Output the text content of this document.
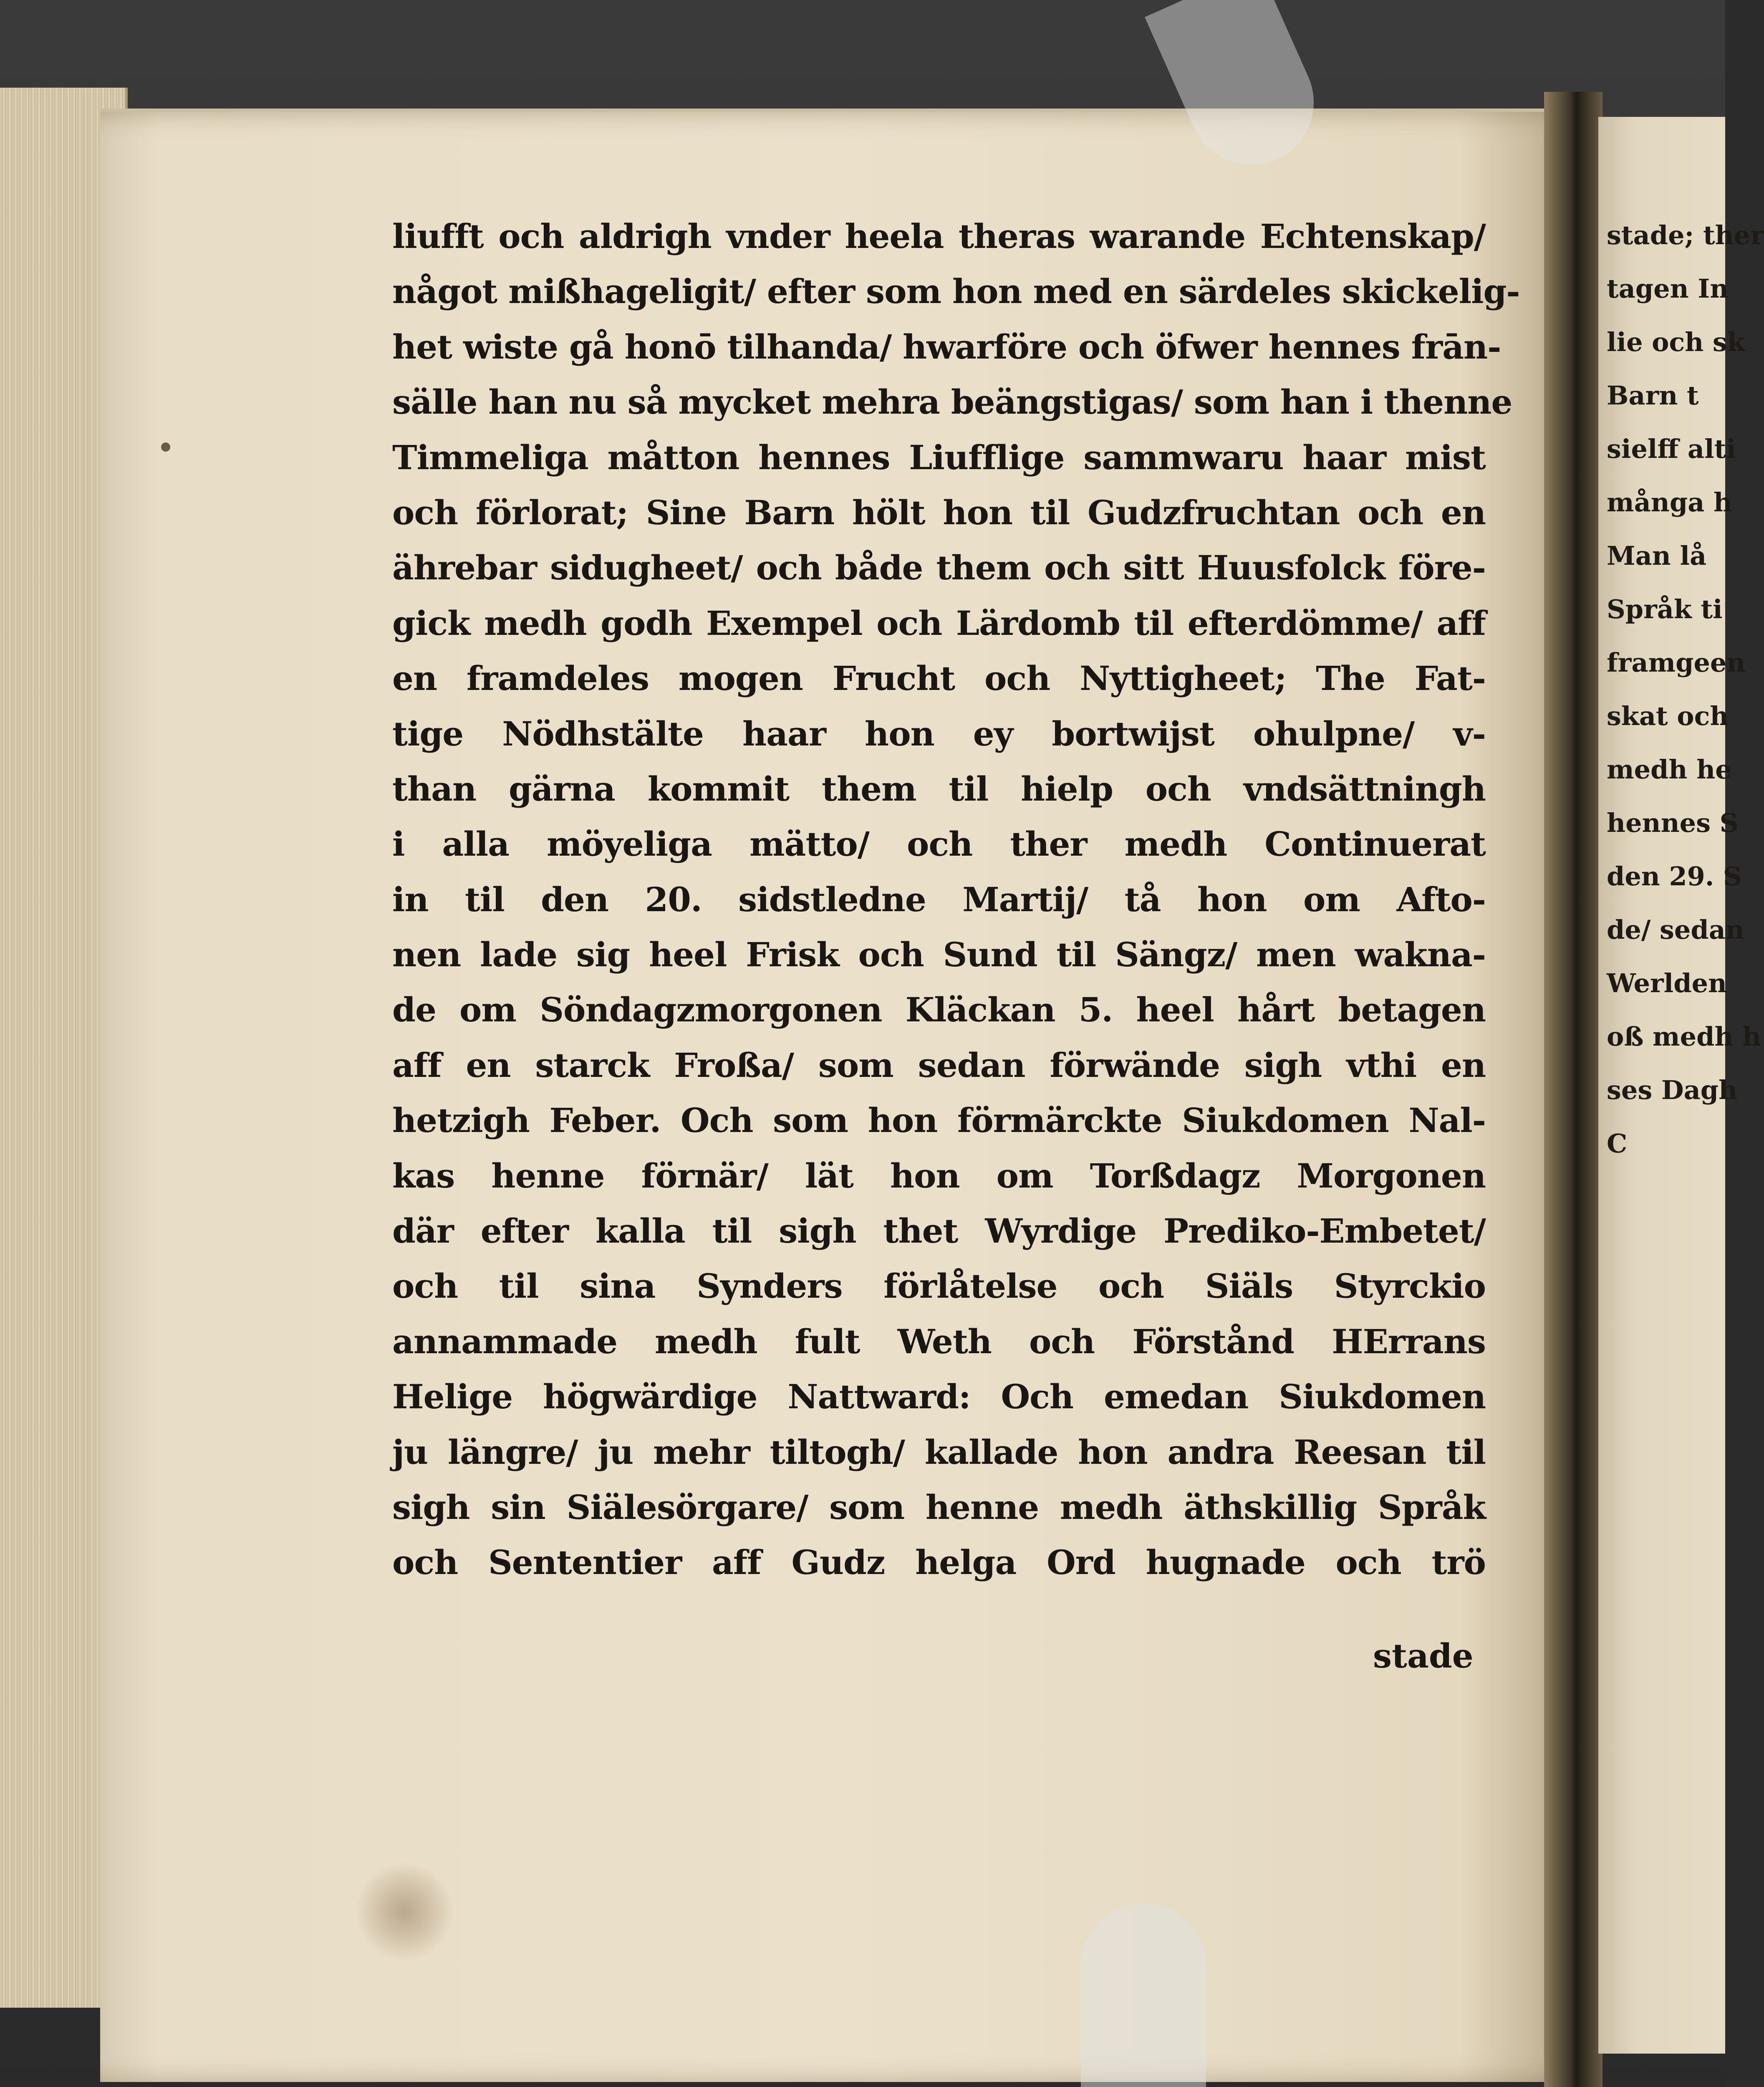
liufft och aldrigh vnder heela theras warande Echtenskap/
något mißhageligit/ efter som hon med en särdeles skickelig-
het wiste gå honō tilhanda/ hwarföre och öfwer hennes frān-
sälle han nu så mycket mehra beängstigas/ som han i thenne
Timmeliga måtton hennes Liufflige sammwaru haar mist
och förlorat; Sine Barn hölt hon til Gudzfruchtan och en
ährebar sidugheet/ och både them och sitt Huusfolck före-
gick medh godh Exempel och Lärdomb til efterdömme/ aff
en framdeles mogen Frucht och Nyttigheet; The Fat-
tige Nödhstälte haar hon ey bortwijst ohulpne/ v-
than gärna kommit them til hielp och vndsättningh
i alla möyeliga mätto/ och ther medh Continuerat
in til den 20. sidstledne Martij/ tå hon om Afto-
nen lade sig heel Frisk och Sund til Sängz/ men wakna-
de om Söndagzmorgonen Kläckan 5. heel hårt betagen
aff en starck Froßa/ som sedan förwände sigh vthi en
hetzigh Feber. Och som hon förmärckte Siukdomen Nal-
kas henne förnär/ lät hon om Torßdagz Morgonen
där efter kalla til sigh thet Wyrdige Prediko-Embetet/
och til sina Synders förlåtelse och Siäls Styrckio
annammade medh fult Weth och Förstånd HErrans
Helige högwärdige Nattward: Och emedan Siukdomen
ju längre/ ju mehr tiltogh/ kallade hon andra Reesan til
sigh sin Siälesörgare/ som henne medh äthskillig Språk
och Sententier aff Gudz helga Ord hugnade och trö
stade
stade; ther
tagen In
lie och sk
Barn t
sielff alti
många h
Man lå
Språk ti
framgeen
skat och
medh he
hennes S
den 29. S
de/ sedan
Werlden
oß medh h
ses Dagh
C
